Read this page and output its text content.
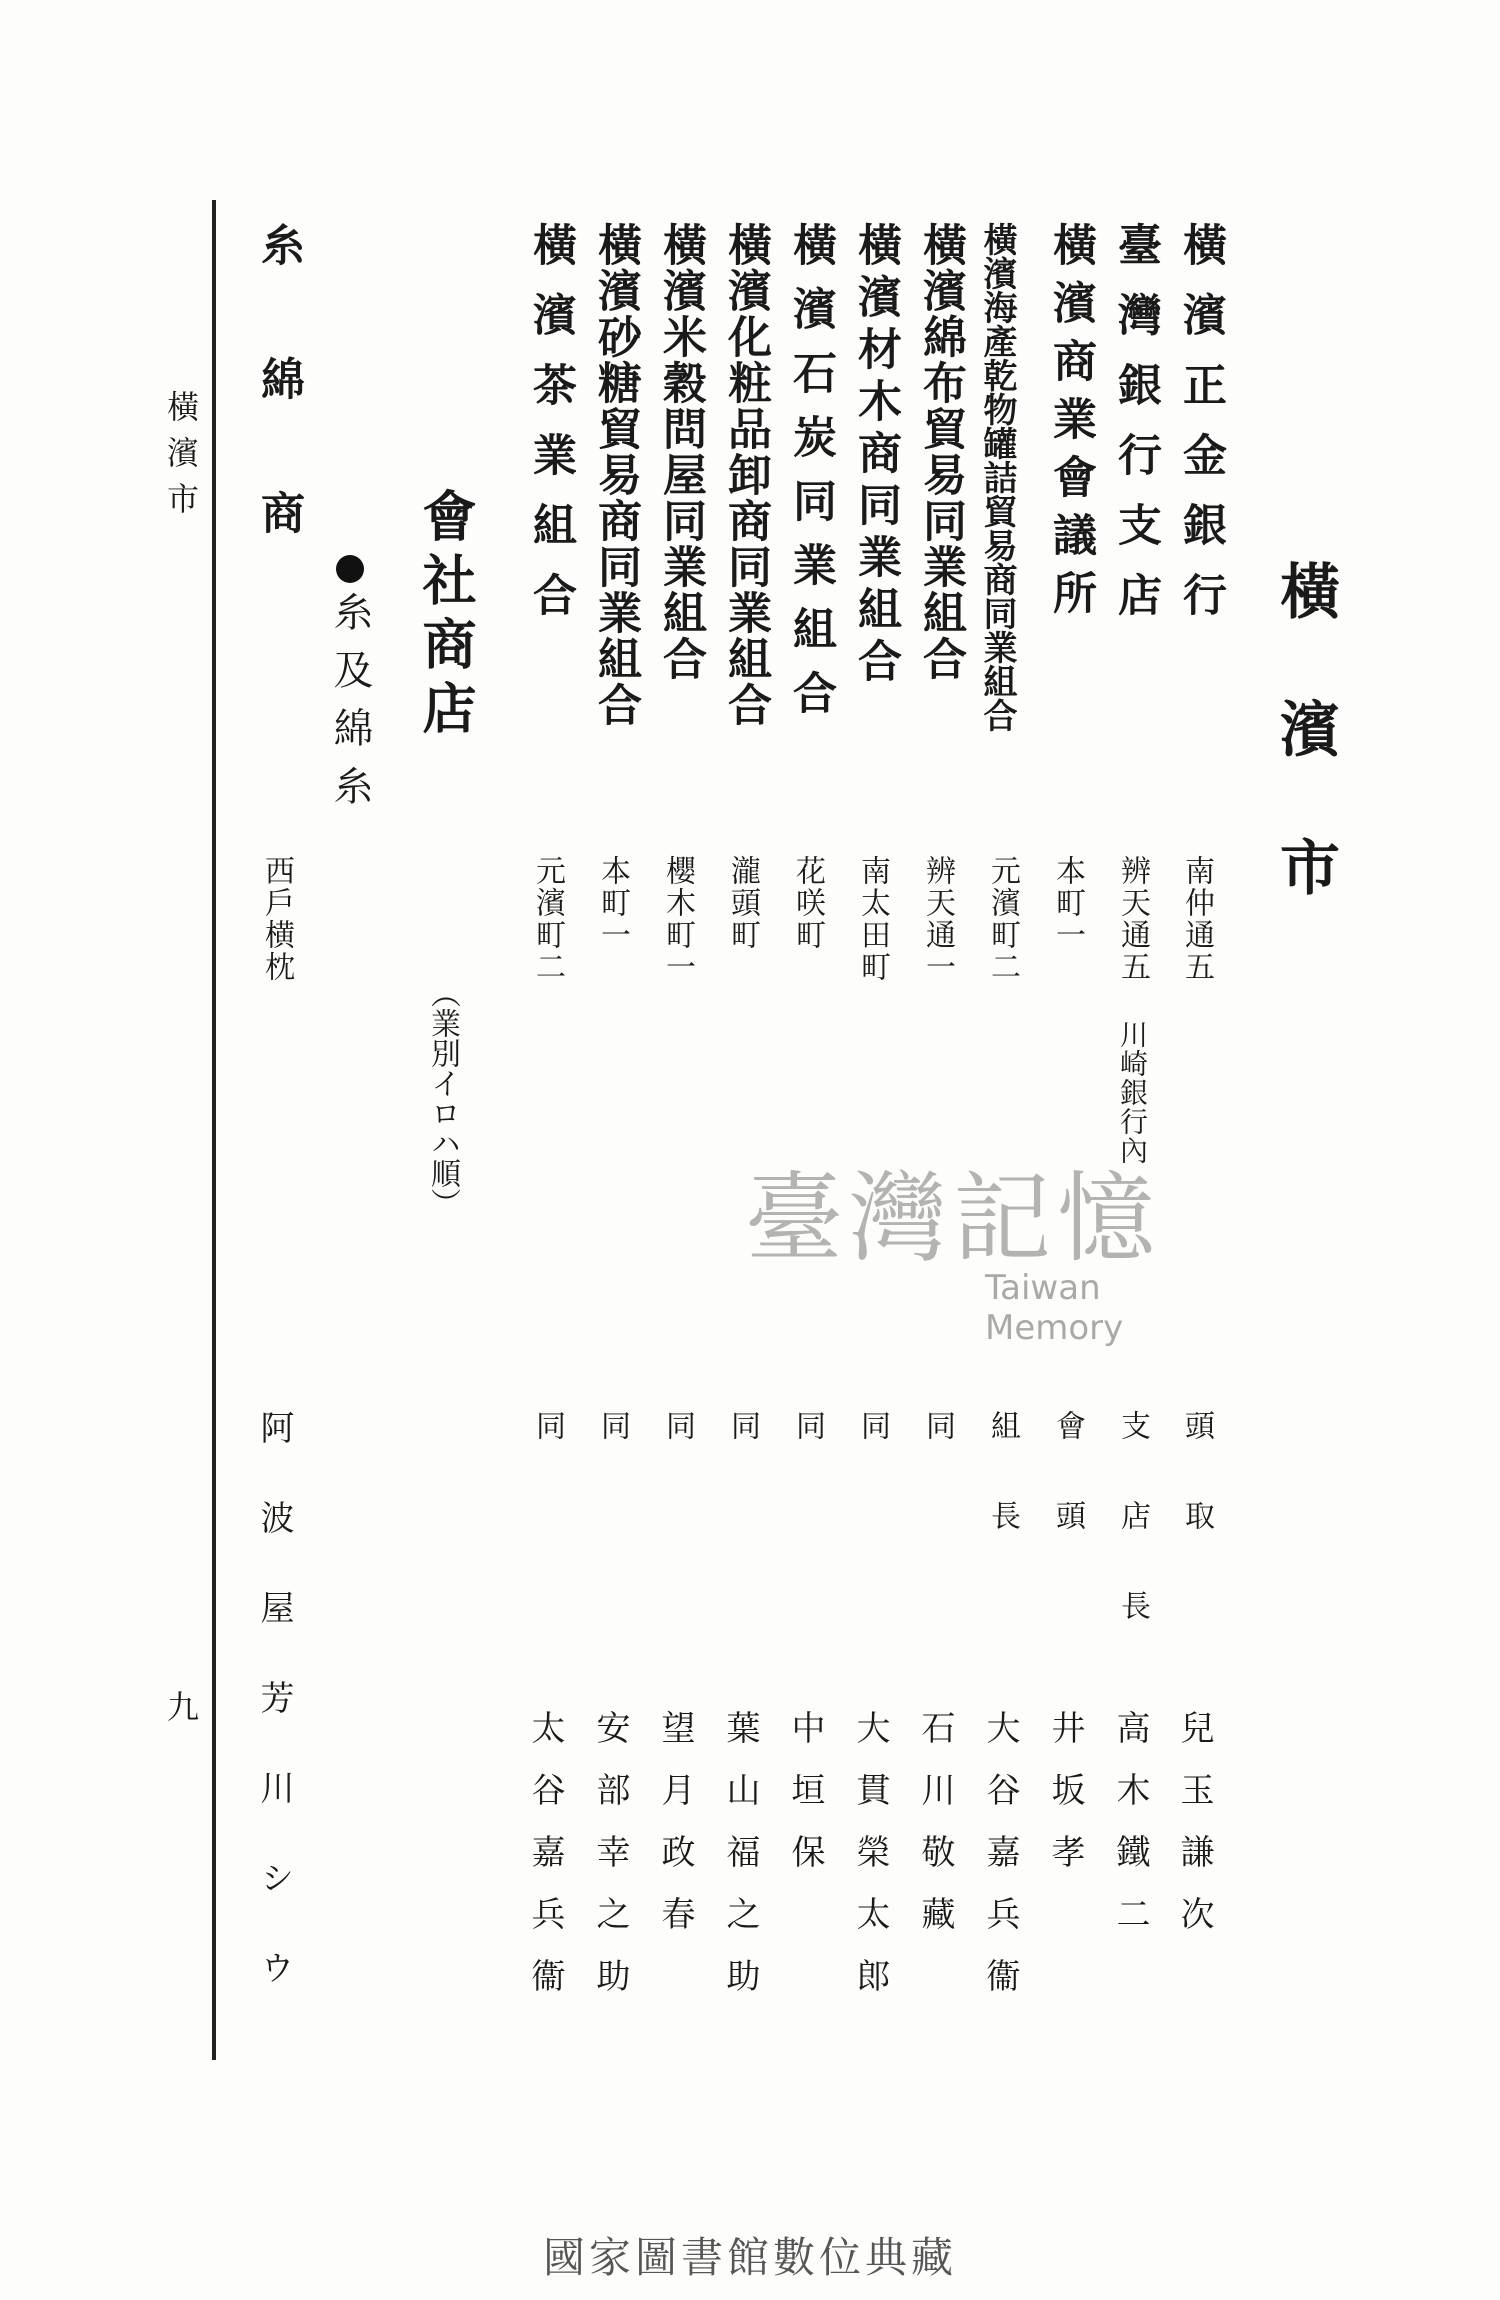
橫濱市
九
橫濱市
橫濱正金銀行
南仲通五
頭取
兒玉謙次
臺灣銀行支店
辨天通五
川崎銀行內
支店長
高木鐵二
橫濱商業會議所
本町一
會頭
井坂孝
橫濱海產乾物罐詰貿易商同業組合
元濱町二
組長
大谷嘉兵衞
橫濱綿布貿易同業組合
辨天通一
同
石川敬藏
橫濱材木商同業組合
南太田町
同
大貫榮太郎
橫濱石炭同業組合
花咲町
同
中垣保
橫濱化粧品卸商同業組合
瀧頭町
同
葉山福之助
橫濱米穀問屋同業組合
櫻木町一
同
望月政春
橫濱砂糖貿易商同業組合
本町一
同
安部幸之助
橫濱茶業組合
元濱町二
同
太谷嘉兵衞
會社商店
（業別イロハ順）
糸及綿糸
糸綿商
西戶横枕
阿波屋芳川シウ
臺灣記憶
Taiwan Memory
國家圖書館數位典藏
